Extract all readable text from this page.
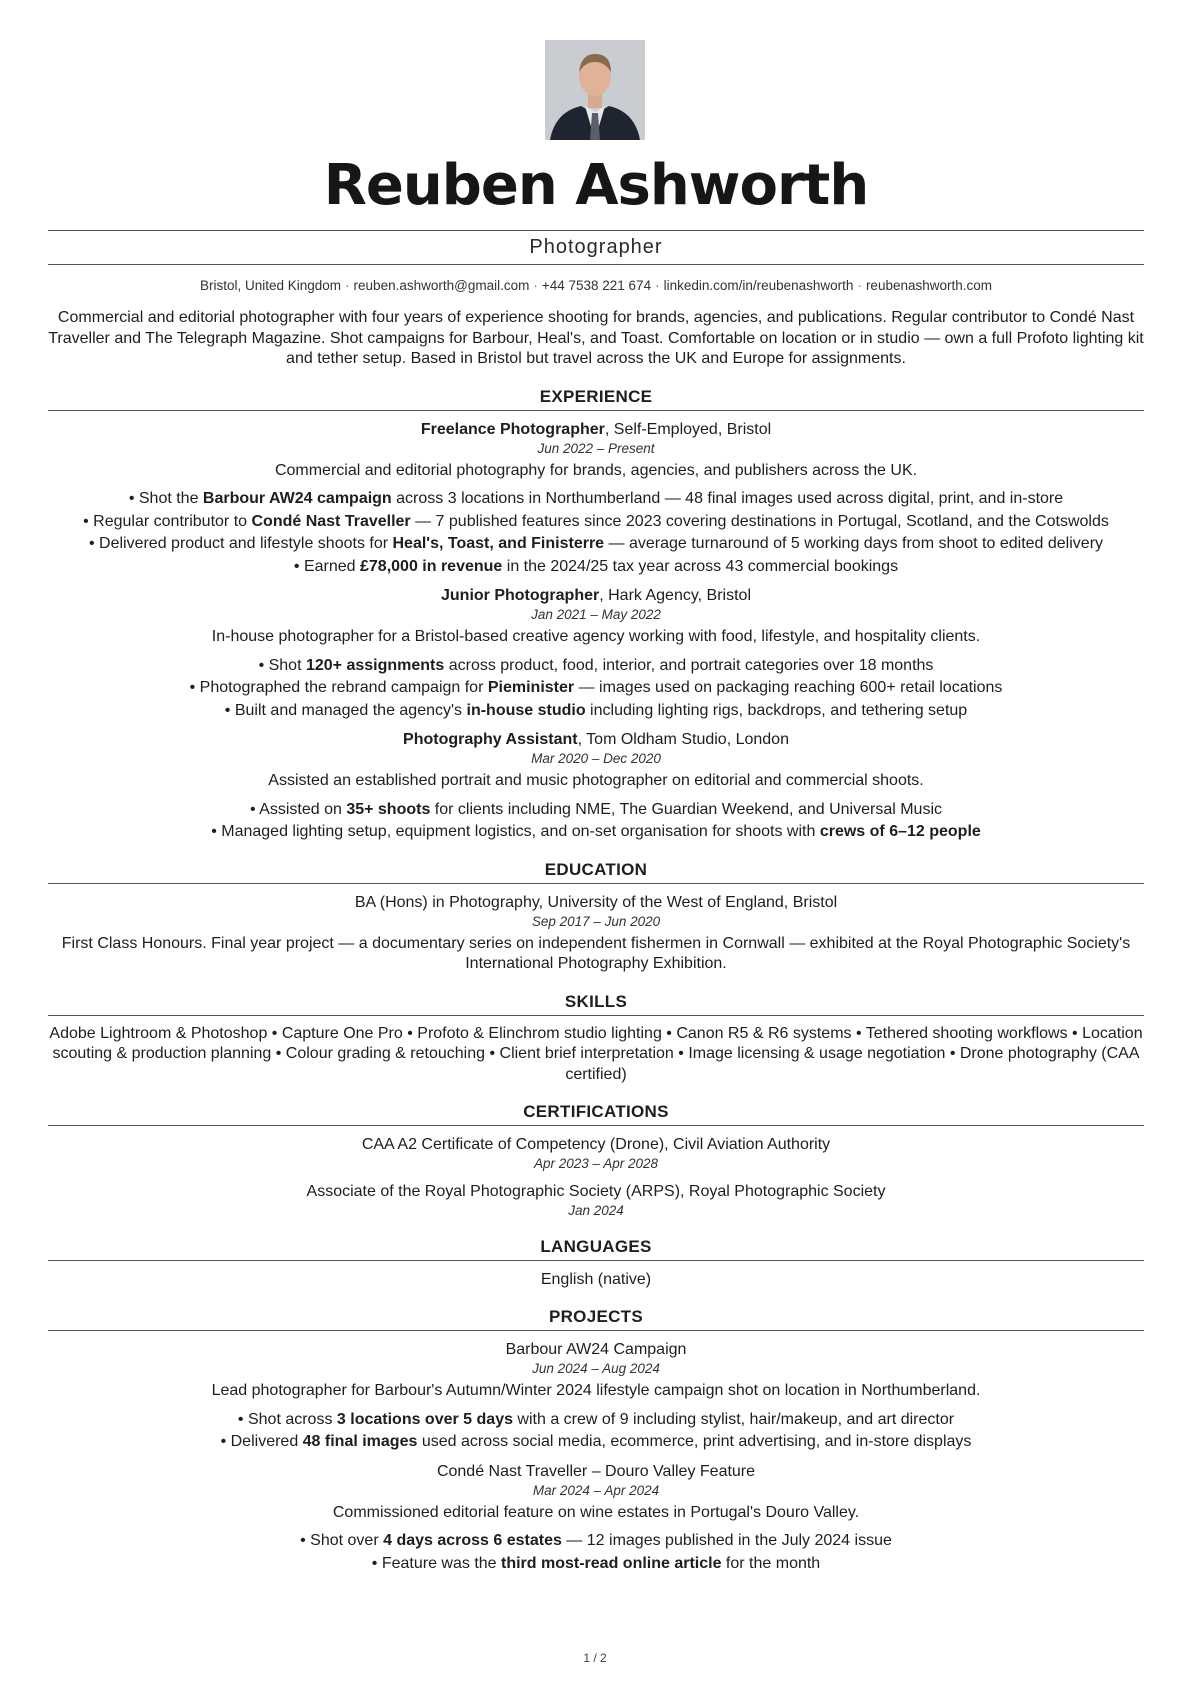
Reuben Ashworth
Photographer
Bristol, United Kingdom · reuben.ashworth@gmail.com · +44 7538 221 674 · linkedin.com/in/reubenashworth · reubenashworth.com

Commercial and editorial photographer with four years of experience shooting for brands, agencies, and publications. Regular contributor to Condé Nast Traveller and The Telegraph Magazine. Shot campaigns for Barbour, Heal's, and Toast. Comfortable on location or in studio — own a full Profoto lighting kit and tether setup. Based in Bristol but travel across the UK and Europe for assignments.

EXPERIENCE
Freelance Photographer, Self-Employed, Bristol
Jun 2022 – Present
Commercial and editorial photography for brands, agencies, and publishers across the UK.
• Shot the Barbour AW24 campaign across 3 locations in Northumberland — 48 final images used across digital, print, and in-store
• Regular contributor to Condé Nast Traveller — 7 published features since 2023 covering destinations in Portugal, Scotland, and the Cotswolds
• Delivered product and lifestyle shoots for Heal's, Toast, and Finisterre — average turnaround of 5 working days from shoot to edited delivery
• Earned £78,000 in revenue in the 2024/25 tax year across 43 commercial bookings
Junior Photographer, Hark Agency, Bristol
Jan 2021 – May 2022
In-house photographer for a Bristol-based creative agency working with food, lifestyle, and hospitality clients.
• Shot 120+ assignments across product, food, interior, and portrait categories over 18 months
• Photographed the rebrand campaign for Pieminister — images used on packaging reaching 600+ retail locations
• Built and managed the agency's in-house studio including lighting rigs, backdrops, and tethering setup
Photography Assistant, Tom Oldham Studio, London
Mar 2020 – Dec 2020
Assisted an established portrait and music photographer on editorial and commercial shoots.
• Assisted on 35+ shoots for clients including NME, The Guardian Weekend, and Universal Music
• Managed lighting setup, equipment logistics, and on-set organisation for shoots with crews of 6–12 people
EDUCATION
BA (Hons) in Photography, University of the West of England, Bristol
Sep 2017 – Jun 2020
First Class Honours. Final year project — a documentary series on independent fishermen in Cornwall — exhibited at the Royal Photographic Society's International Photography Exhibition.
SKILLS
Adobe Lightroom & Photoshop • Capture One Pro • Profoto & Elinchrom studio lighting • Canon R5 & R6 systems • Tethered shooting workflows • Location scouting & production planning • Colour grading & retouching • Client brief interpretation • Image licensing & usage negotiation • Drone photography (CAA certified)
CERTIFICATIONS
CAA A2 Certificate of Competency (Drone), Civil Aviation Authority
Apr 2023 – Apr 2028
Associate of the Royal Photographic Society (ARPS), Royal Photographic Society
Jan 2024
LANGUAGES
English (native)
PROJECTS
Barbour AW24 Campaign
Jun 2024 – Aug 2024
Lead photographer for Barbour's Autumn/Winter 2024 lifestyle campaign shot on location in Northumberland.
• Shot across 3 locations over 5 days with a crew of 9 including stylist, hair/makeup, and art director
• Delivered 48 final images used across social media, ecommerce, print advertising, and in-store displays
Condé Nast Traveller – Douro Valley Feature
Mar 2024 – Apr 2024
Commissioned editorial feature on wine estates in Portugal's Douro Valley.
• Shot over 4 days across 6 estates — 12 images published in the July 2024 issue
• Feature was the third most-read online article for the month
1 / 2
